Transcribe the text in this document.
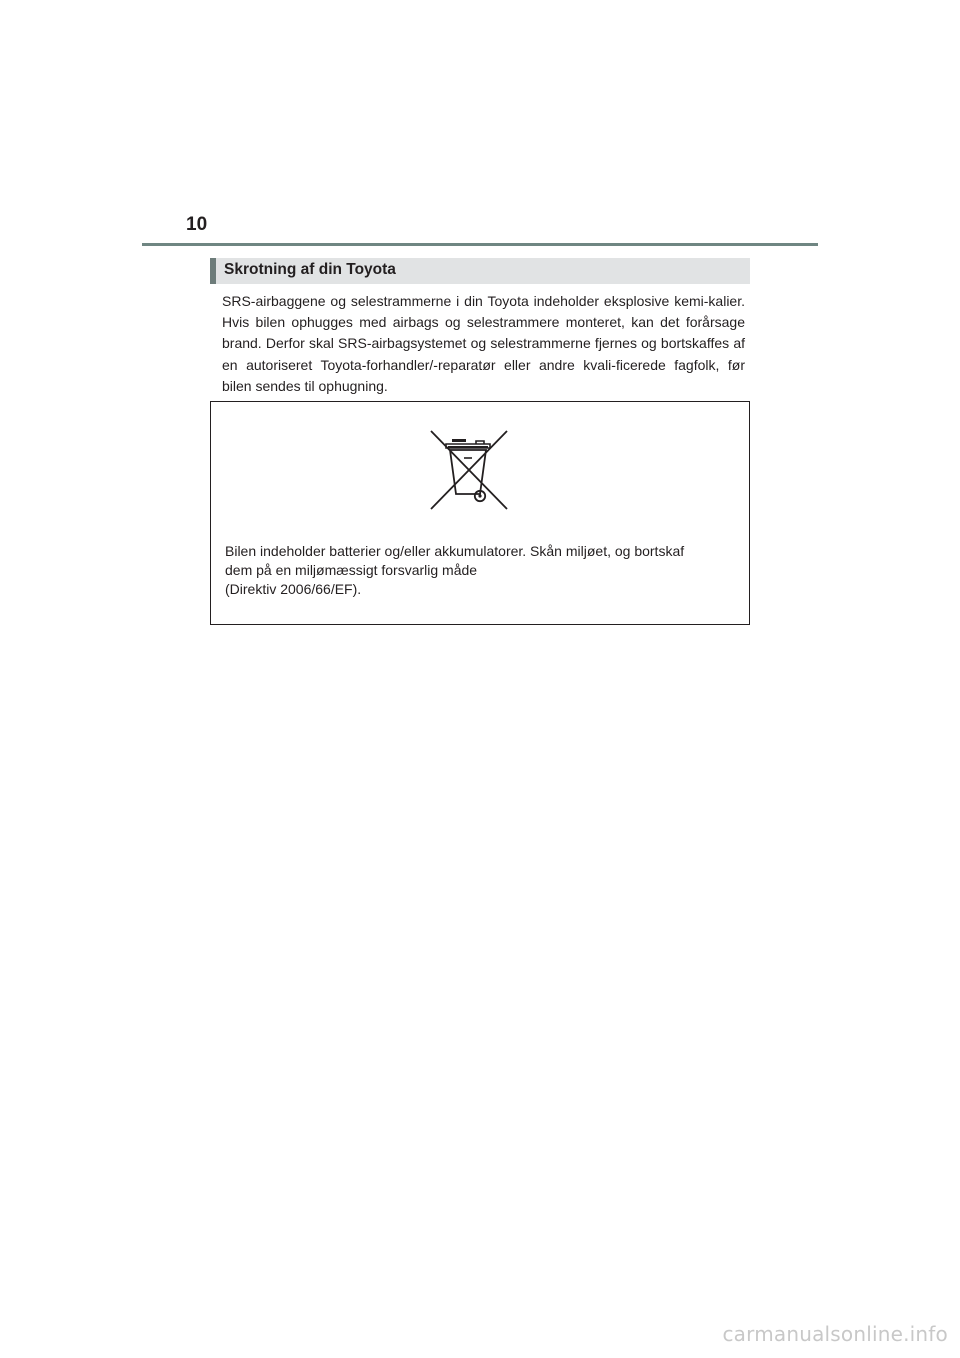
10
Skrotning af din Toyota

SRS-airbaggene og selestrammerne i din Toyota indeholder eksplosive kemi-kalier. Hvis bilen ophugges med airbags og selestrammere monteret, kan det forårsage brand. Derfor skal SRS-airbagsystemet og selestrammerne fjernes og bortskaffes af en autoriseret Toyota-forhandler/-reparatør eller andre kvali-ficerede fagfolk, før bilen sendes til ophugning.

Bilen indeholder batterier og/eller akkumulatorer. Skån miljøet, og bortskaf
dem på en miljømæssigt forsvarlig måde
(Direktiv 2006/66/EF).
carmanualsonline.info
